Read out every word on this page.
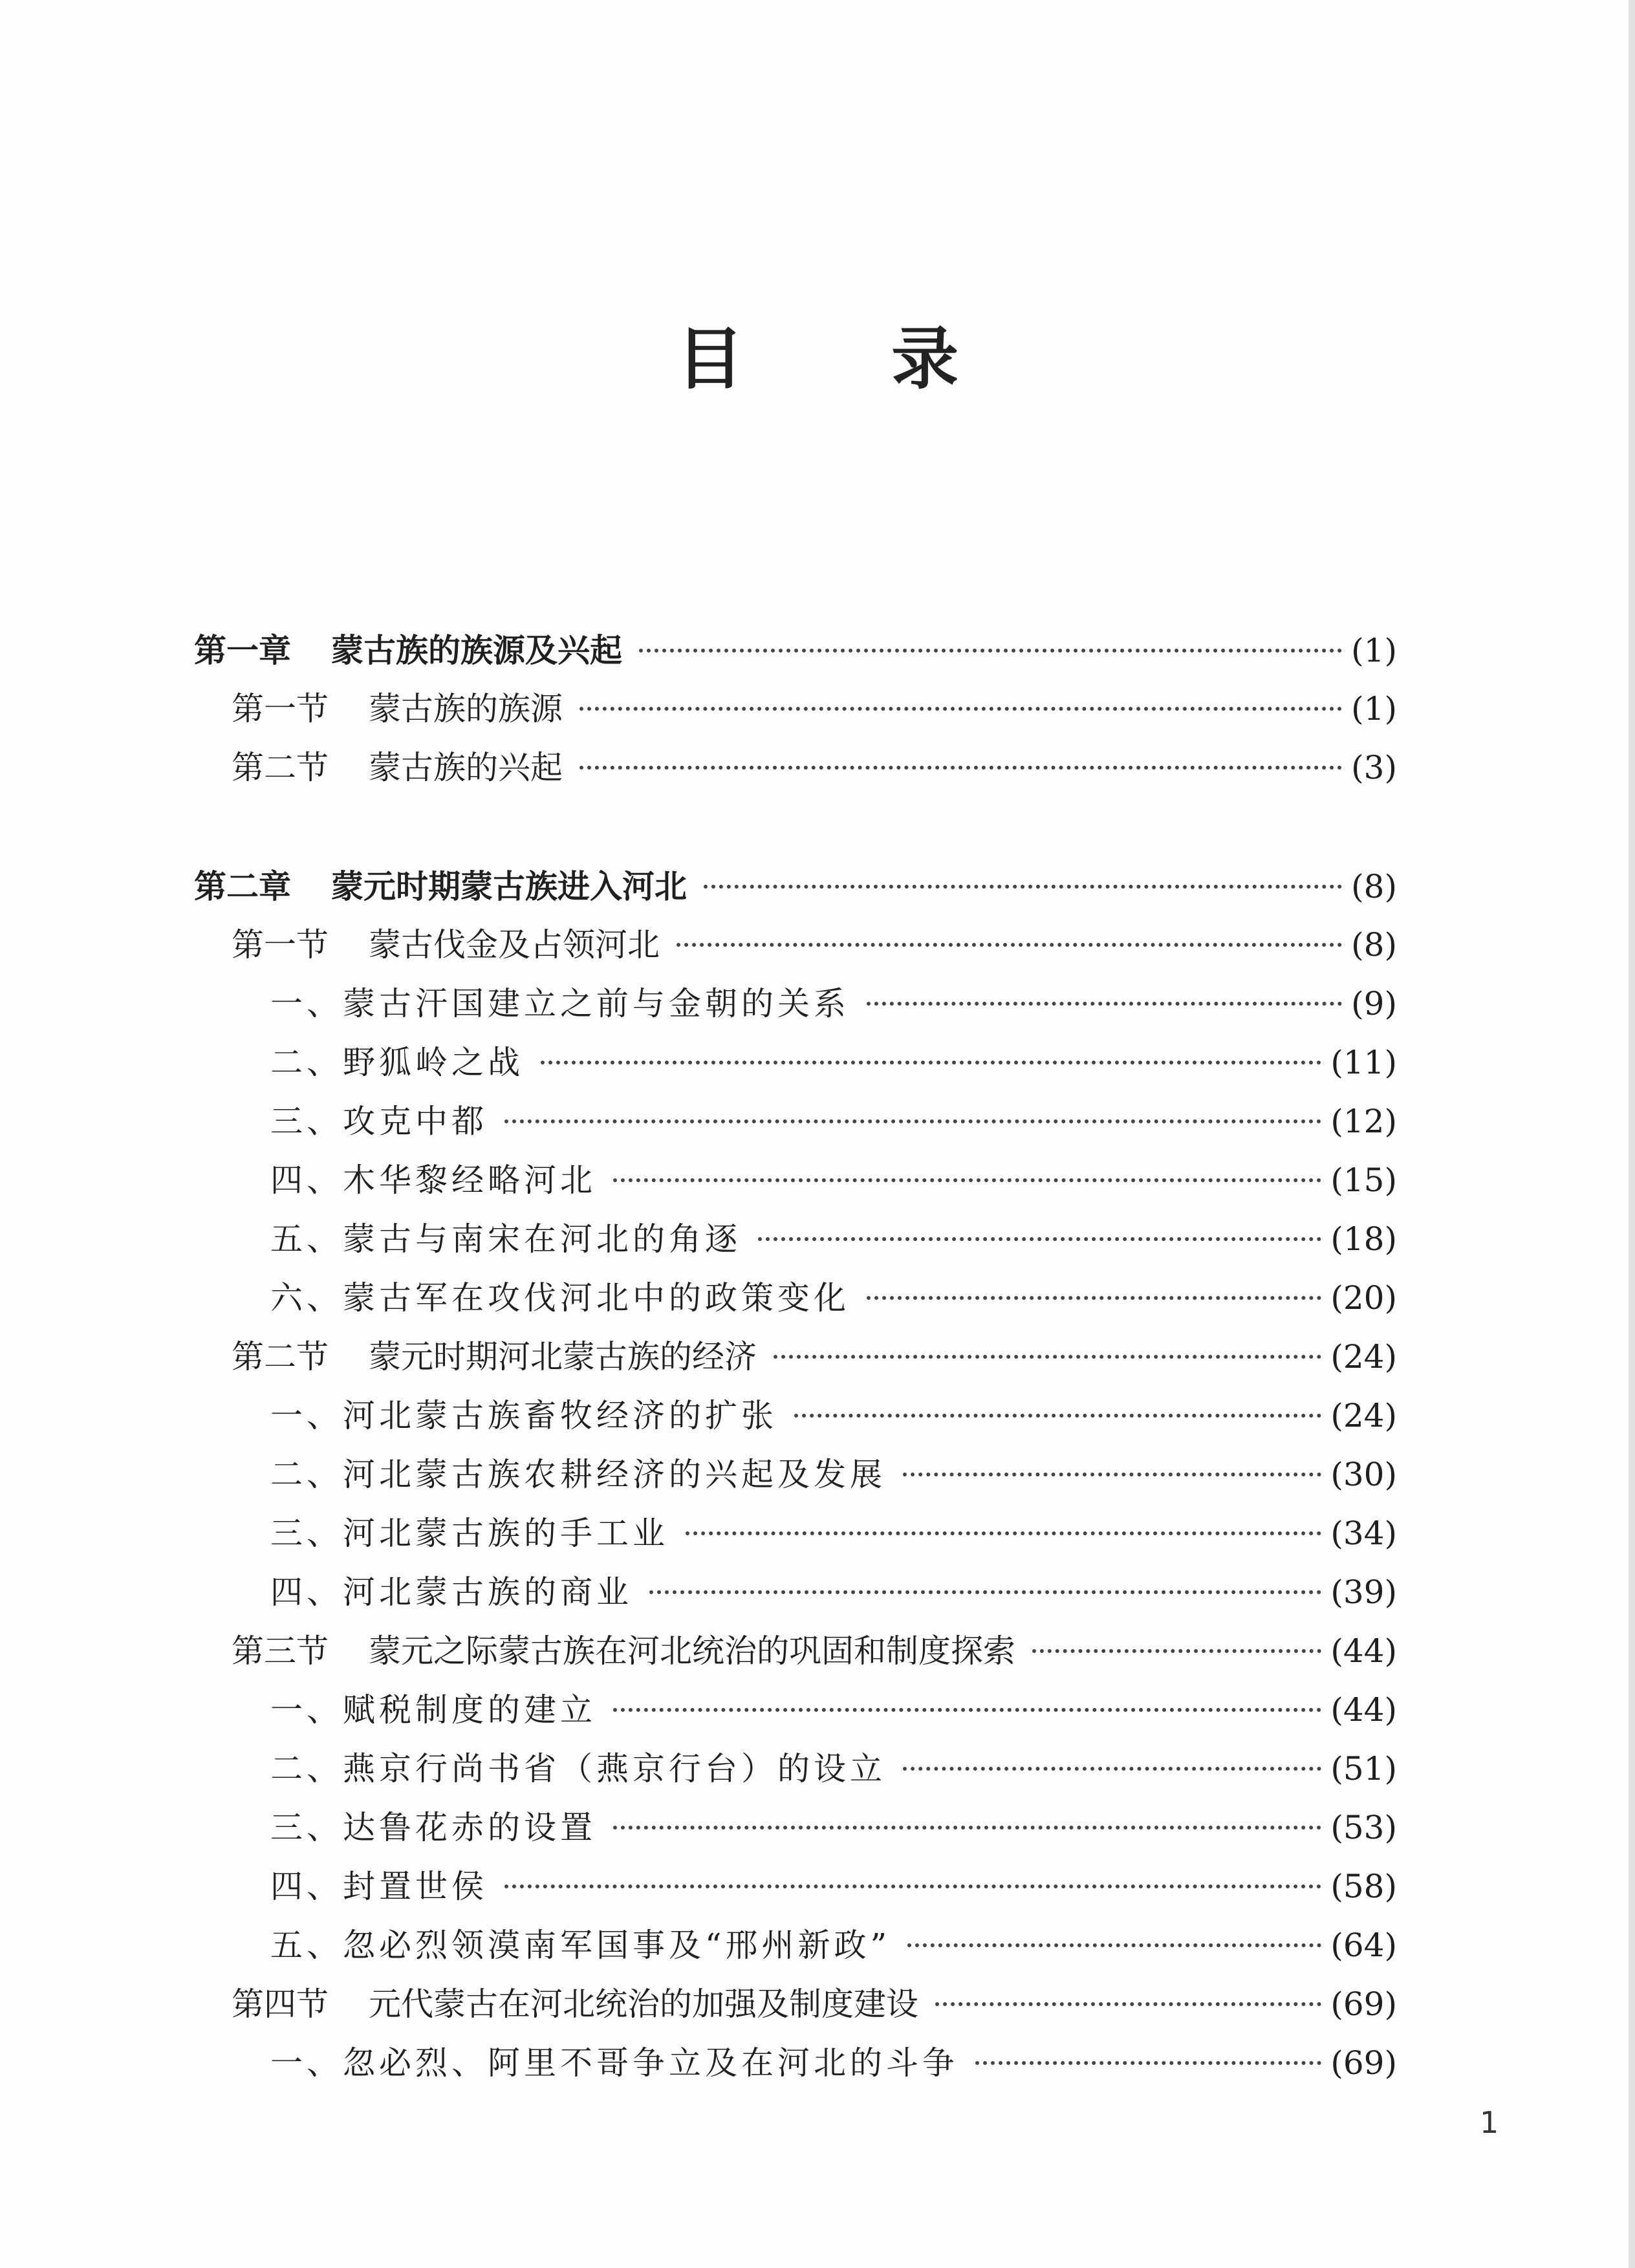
目 录
第一章 蒙古族的族源及兴起	(1)
第一节 蒙古族的族源	(1)
第二节 蒙古族的兴起	(3)
第二章 蒙元时期蒙古族进入河北	(8)
第一节 蒙古伐金及占领河北	(8)
一、蒙古汗国建立之前与金朝的关系	(9)
二、野狐岭之战	(11)
三、攻克中都	(12)
四、木华黎经略河北	(15)
五、蒙古与南宋在河北的角逐	(18)
六、蒙古军在攻伐河北中的政策变化	(20)
第二节 蒙元时期河北蒙古族的经济	(24)
一、河北蒙古族畜牧经济的扩张	(24)
二、河北蒙古族农耕经济的兴起及发展	(30)
三、河北蒙古族的手工业	(34)
四、河北蒙古族的商业	(39)
第三节 蒙元之际蒙古族在河北统治的巩固和制度探索	(44)
一、赋税制度的建立	(44)
二、燕京行尚书省（燕京行台）的设立	(51)
三、达鲁花赤的设置	(53)
四、封置世侯	(58)
五、忽必烈领漠南军国事及“邢州新政”	(64)
第四节 元代蒙古在河北统治的加强及制度建设	(69)
一、忽必烈、阿里不哥争立及在河北的斗争	(69)
1
